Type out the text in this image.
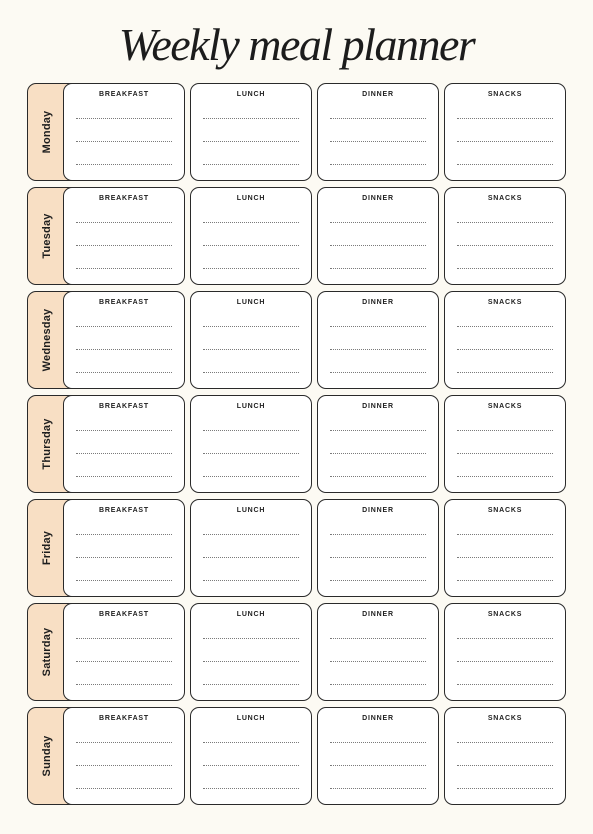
Weekly meal planner
Monday
BREAKFAST	LUNCH	DINNER	SNACKS
Tuesday
BREAKFAST	LUNCH	DINNER	SNACKS
Wednesday
BREAKFAST	LUNCH	DINNER	SNACKS
Thursday
BREAKFAST	LUNCH	DINNER	SNACKS
Friday
BREAKFAST	LUNCH	DINNER	SNACKS
Saturday
BREAKFAST	LUNCH	DINNER	SNACKS
Sunday
BREAKFAST	LUNCH	DINNER	SNACKS
